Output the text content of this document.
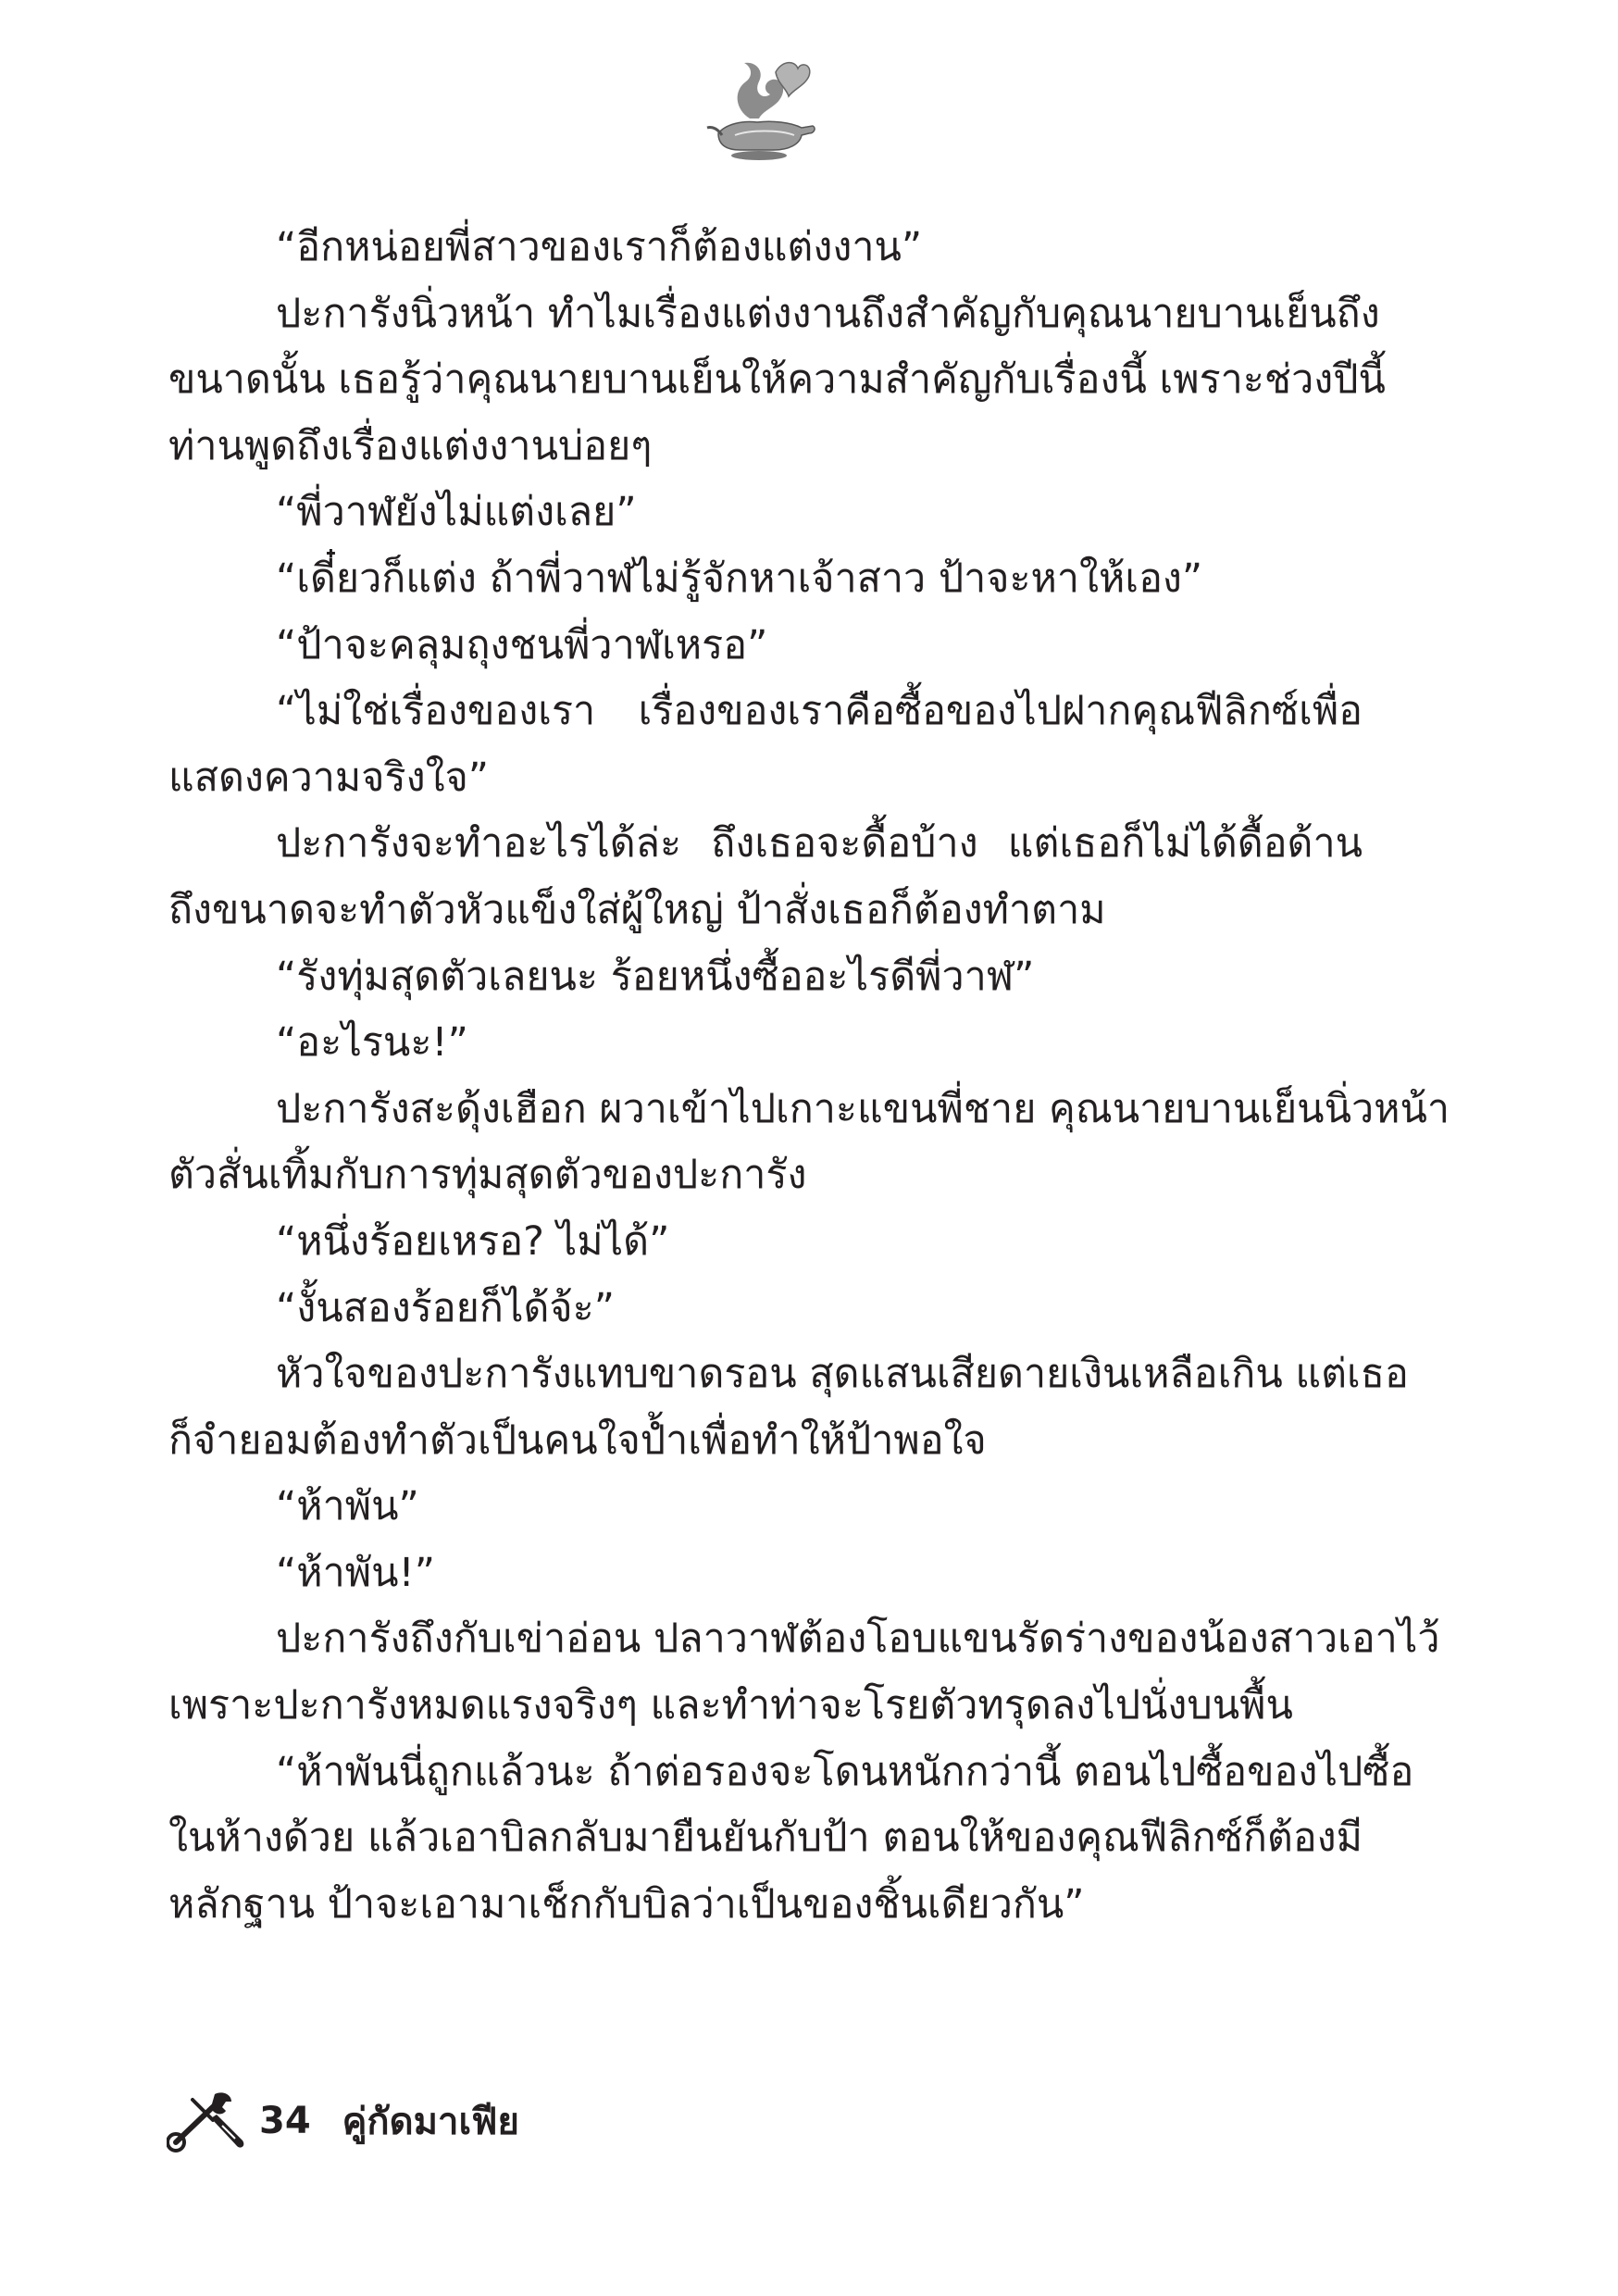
“อีกหน่อยพี่สาวของเราก็ต้องแต่งงาน”
ปะการังนิ่วหน้า ทำไมเรื่องแต่งงานถึงสำคัญกับคุณนายบานเย็นถึง
ขนาดนั้น เธอรู้ว่าคุณนายบานเย็นให้ความสำคัญกับเรื่องนี้ เพราะช่วงปีนี้
ท่านพูดถึงเรื่องแต่งงานบ่อยๆ
“พี่วาฬยังไม่แต่งเลย”
“เดี๋ยวก็แต่ง ถ้าพี่วาฬไม่รู้จักหาเจ้าสาว ป้าจะหาให้เอง”
“ป้าจะคลุมถุงชนพี่วาฬเหรอ”
“ไม่ใช่เรื่องของเรา เรื่องของเราคือซื้อของไปฝากคุณฟีลิกซ์เพื่อ
แสดงความจริงใจ”
ปะการังจะทำอะไรได้ล่ะ ถึงเธอจะดื้อบ้าง แต่เธอก็ไม่ได้ดื้อด้าน
ถึงขนาดจะทำตัวหัวแข็งใส่ผู้ใหญ่ ป้าสั่งเธอก็ต้องทำตาม
“รังทุ่มสุดตัวเลยนะ ร้อยหนึ่งซื้ออะไรดีพี่วาฬ”
“อะไรนะ!”
ปะการังสะดุ้งเฮือก ผวาเข้าไปเกาะแขนพี่ชาย คุณนายบานเย็นนิ่วหน้า
ตัวสั่นเทิ้มกับการทุ่มสุดตัวของปะการัง
“หนึ่งร้อยเหรอ? ไม่ได้”
“งั้นสองร้อยก็ได้จ้ะ”
หัวใจของปะการังแทบขาดรอน สุดแสนเสียดายเงินเหลือเกิน แต่เธอ
ก็จำยอมต้องทำตัวเป็นคนใจป้ำเพื่อทำให้ป้าพอใจ
“ห้าพัน”
“ห้าพัน!”
ปะการังถึงกับเข่าอ่อน ปลาวาฬต้องโอบแขนรัดร่างของน้องสาวเอาไว้
เพราะปะการังหมดแรงจริงๆ และทำท่าจะโรยตัวทรุดลงไปนั่งบนพื้น
“ห้าพันนี่ถูกแล้วนะ ถ้าต่อรองจะโดนหนักกว่านี้ ตอนไปซื้อของไปซื้อ
ในห้างด้วย แล้วเอาบิลกลับมายืนยันกับป้า ตอนให้ของคุณฟีลิกซ์ก็ต้องมี
หลักฐาน ป้าจะเอามาเช็กกับบิลว่าเป็นของชิ้นเดียวกัน”
34 คู่กัดมาเฟีย
